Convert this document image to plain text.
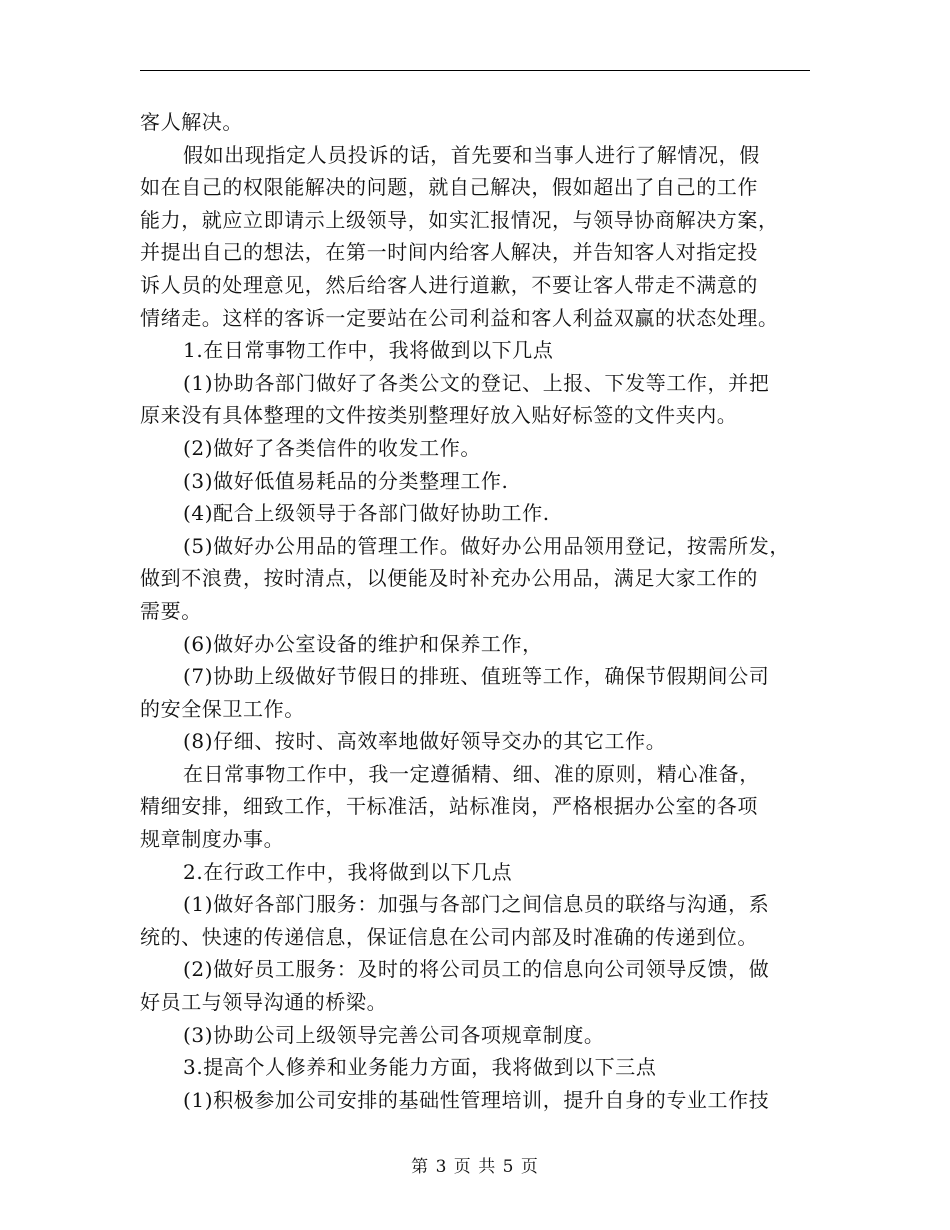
客人解决。
假如出现指定人员投诉的话，首先要和当事人进行了解情况，假
如在自己的权限能解决的问题，就自己解决，假如超出了自己的工作
能力，就应立即请示上级领导，如实汇报情况，与领导协商解决方案，
并提出自己的想法，在第一时间内给客人解决，并告知客人对指定投
诉人员的处理意见，然后给客人进行道歉，不要让客人带走不满意的
情绪走。这样的客诉一定要站在公司利益和客人利益双赢的状态处理。
1.在日常事物工作中，我将做到以下几点
(1)协助各部门做好了各类公文的登记、上报、下发等工作，并把
原来没有具体整理的文件按类别整理好放入贴好标签的文件夹内。
(2)做好了各类信件的收发工作。
(3)做好低值易耗品的分类整理工作.
(4)配合上级领导于各部门做好协助工作.
(5)做好办公用品的管理工作。做好办公用品领用登记，按需所发，
做到不浪费，按时清点，以便能及时补充办公用品，满足大家工作的
需要。
(6)做好办公室设备的维护和保养工作，
(7)协助上级做好节假日的排班、值班等工作，确保节假期间公司
的安全保卫工作。
(8)仔细、按时、高效率地做好领导交办的其它工作。
在日常事物工作中，我一定遵循精、细、准的原则，精心准备，
精细安排，细致工作，干标准活，站标准岗，严格根据办公室的各项
规章制度办事。
2.在行政工作中，我将做到以下几点
(1)做好各部门服务：加强与各部门之间信息员的联络与沟通，系
统的、快速的传递信息，保证信息在公司内部及时准确的传递到位。
(2)做好员工服务：及时的将公司员工的信息向公司领导反馈，做
好员工与领导沟通的桥梁。
(3)协助公司上级领导完善公司各项规章制度。
3.提高个人修养和业务能力方面，我将做到以下三点
(1)积极参加公司安排的基础性管理培训，提升自身的专业工作技
第 3 页 共 5 页
